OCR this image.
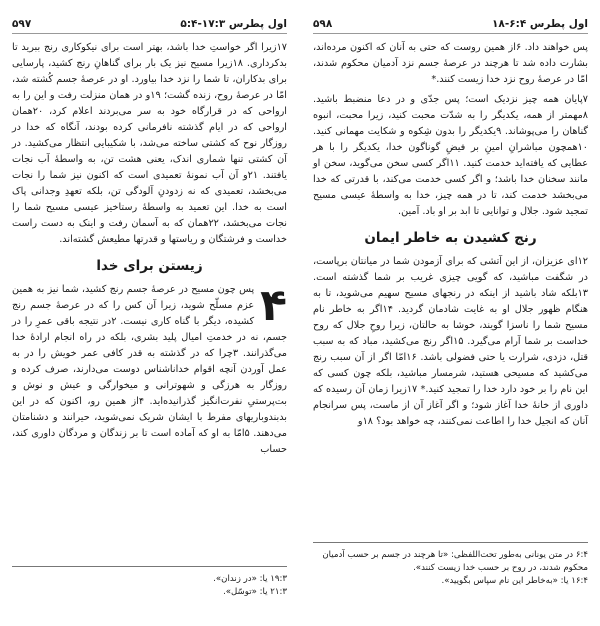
اول پطرس ۳:‏۱۷-‏۴:‏۵
۵۹۷

۱۷زیرا اگر خواستِ خدا باشد، بهتر است برای نیکوکاری رنج ببرید تا بدکرداری. ۱۸زیرا مسیح نیز یک بار برای گناهانِ رنج کشید، پارسایی برای بدکاران، تا شما را نزد خدا بیاورد. او در عرصهٔ جسم کُشته شد، امّا در عرصهٔ روح، زنده گشت؛ ۱۹و در همان منزلت رفت و این را به ارواحی که در قرارگاه خود به سر می‌بردند اعلام کرد، ۲۰همان ارواحی که در ایام گذشته نافرمانی کرده بودند، آنگاه که خدا در روزگار نوح که کشتی ساخته می‌شد، با شکیبایی انتظار می‌کشید. در آن کشتی تنها شماری اندک، یعنی هشت تن، به واسطهٔ آب نجات یافتند. ۲۱و آن آب نمونهٔ تعمیدی است که اکنون نیز شما را نجات می‌بخشد، تعمیدی که نه زدودنِ آلودگی تن، بلکه تعهدِ وجدانی پاک است به خدا. این تعمید به واسطهٔ رستاخیز عیسی مسیح شما را نجات می‌بخشد، ۲۲همان که به آسمان رفت و اینک به دست راست خداست و فرشتگان و ریاستها و قدرتها مطیعش گشته‌اند.

زیستن برای خدا
۴

پس چون مسیح در عرصهٔ جسم رنج کشید، شما نیز به همین عزم مسلّح شوید، زیرا آن کس را که در عرصهٔ جسم رنج کشیده، دیگر با گناه کاری نیست. ۲در نتیجه باقی عمرِ را در جسم، نه در خدمتِ امیال پلید بشری، بلکه در راه انجام ارادهٔ خدا می‌گذرانند. ۳چرا که در گذشته به قدر کافی عمر خویش را در به عمل آوردن آنچه اقوام خداناشناس دوست می‌دارند، صرف کرده و روزگار به هرزگی و شهوترانی و میخوارگی و عیش و نوش و بت‌پرستیِ نفرت‌انگیز گذرانیده‌اید. ۴از همین رو، اکنون که در این بدبندوباریهای مفرط با ایشان شریک نمی‌شوید، حیرانند و دشنامتان می‌دهند. ۵امّا به او که آماده است تا بر زندگان و مردگان داوری کند، حساب

۳:‏۱۹ یا: «در زندان».
۳:‏۲۱ یا: «توسّل».
اول پطرس ۴:‏۶-‏۱۸
۵۹۸

پس خواهند داد. ۶از همین روست که حتی به آنان که اکنون مرده‌اند، بشارت داده شد تا هرچند در عرصهٔ جسم نزد آدمیان محکوم شدند، امّا در عرصهٔ روح نزد خدا زیست کنند.*

۷پایان همه چیز نزدیک است؛ پس جدّی و در دعا منضبط باشید. ۸مهمتر از همه، یکدیگر را به شدّت محبت کنید، زیرا محبت، انبوه گناهان را می‌پوشاند. ۹یکدیگر را بدون شِکوه و شکایت مهمانی کنید. ۱۰همچون مباشرانِ امینِ بر فیضِ گوناگون خدا، یکدیگر را با هر عطایی که یافته‌اید خدمت کنید. ۱۱اگر کسی سخن می‌گوید، سخن او مانند سخنان خدا باشد؛ و اگر کسی خدمت می‌کند، با قدرتی که خدا می‌بخشد خدمت کند، تا در همه چیز، خدا به واسطهٔ عیسی مسیح تمجید شود. جلال و توانایی تا ابد بر او باد. آمین.

رنج کشیدن به خاطر ایمان

۱۲ای عزیزان، از این آتشی که برای آزمودن شما در میانتان برپاست، در شگفت مباشید، که گویی چیزی غریب بر شما گذشته است. ۱۳بلکه شاد باشید از اینکه در رنجهای مسیح سهیم می‌شوید، تا به هنگام ظهور جلال او به غایت شادمان گردید. ۱۴اگر به خاطر نام مسیح شما را ناسزا گویند، خوشا به حالتان، زیرا روحِ جلال که روح خداست بر شما آرام می‌گیرد. ۱۵اگر رنج می‌کشید، مباد که به سبب قتل، دزدی، شرارت یا حتی فضولی باشد. ۱۶امّا اگر از آن سبب رنج می‌کشید که مسیحی هستید، شرمسار مباشید، بلکه چون کسی که این نام را بر خود دارد خدا را تمجید کنید.* ۱۷زیرا زمان آن رسیده که داوری از خانهٔ خدا آغاز شود؛ و اگر آغاز آن از ماست، پس سرانجام آنان که انجیل خدا را اطاعت نمی‌کنند، چه خواهد بود؟ ۱۸و

۴:‏۶ در متن یونانی به‌طور تحت‌اللفظی: «تا هرچند در جسم بر حسب آدمیان محکوم شدند، در روح بر حسب خدا زیست کنند».
۴:‏۱۶ یا: «به‌خاطر این نام سپاس بگویید».
